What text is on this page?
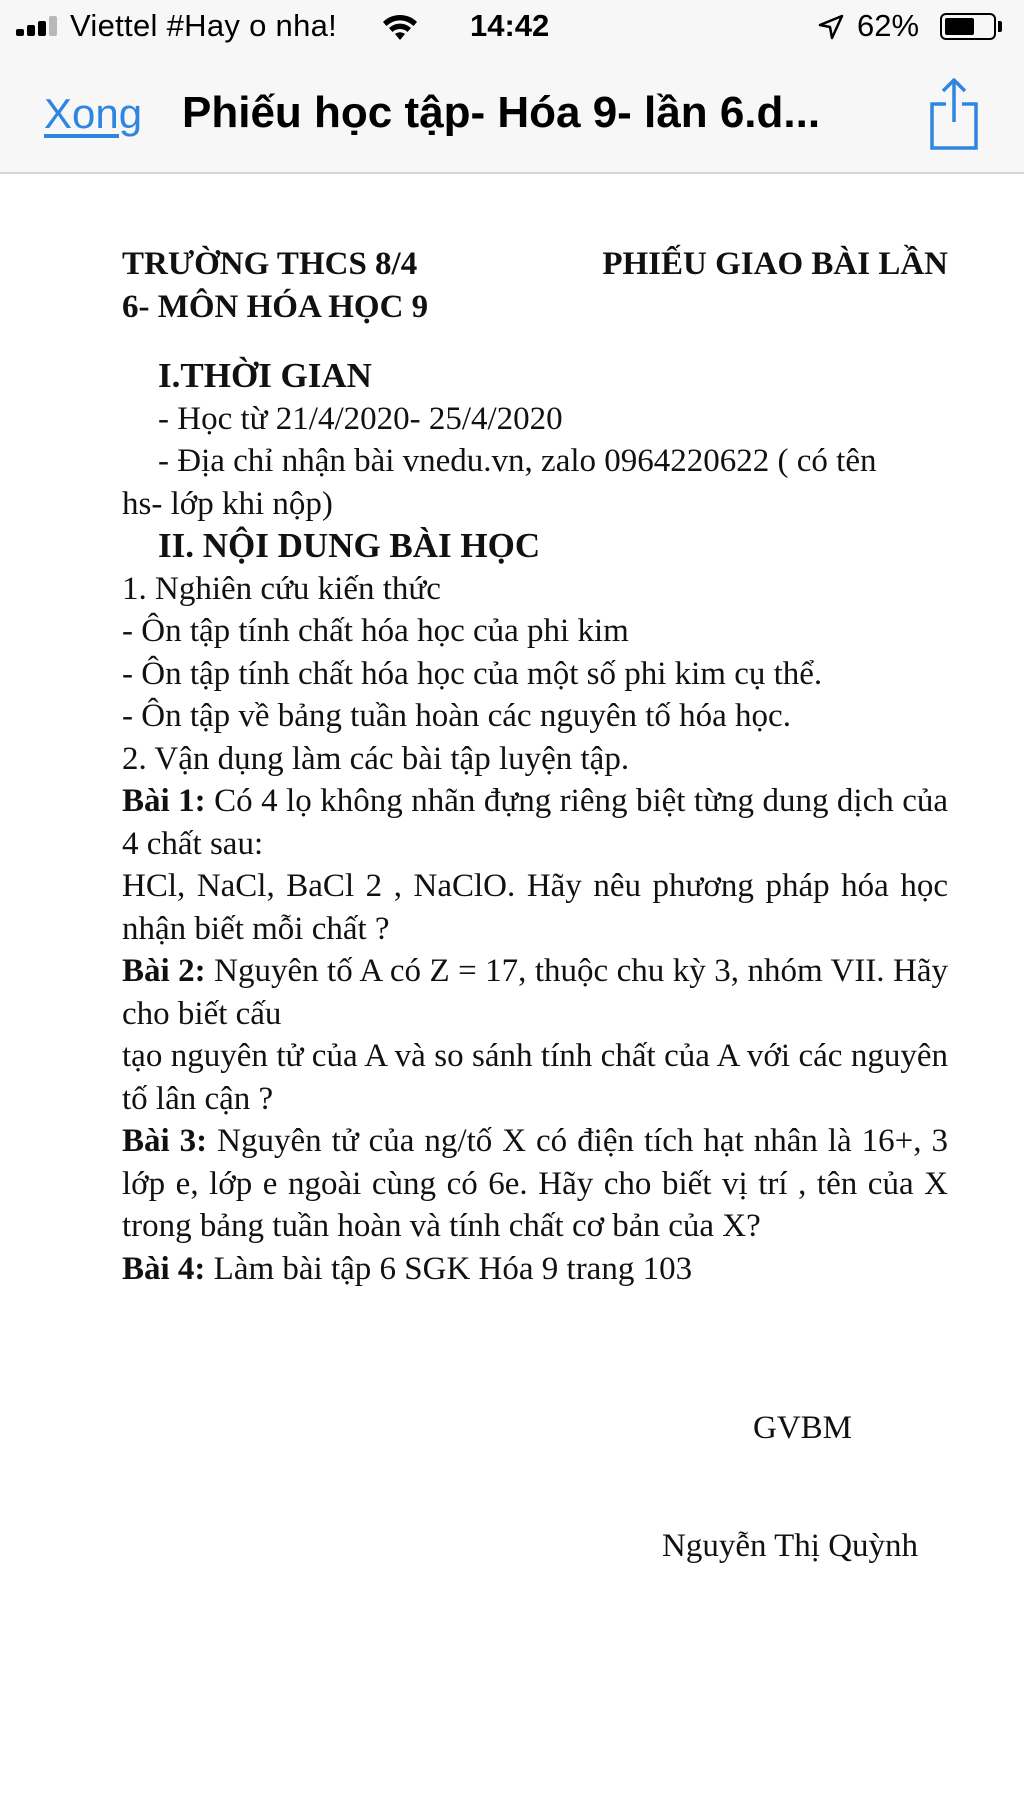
Viettel #Hay o nha!	14:42	62%
Xong Phiếu học tập- Hóa 9- lần 6.d...
TRƯỜNG THCS 8/4	PHIẾU GIAO BÀI LẦN

6- MÔN HÓA HỌC 9

I.THỜI GIAN

- Học từ 21/4/2020- 25/4/2020

- Địa chỉ nhận bài vnedu.vn, zalo 0964220622 ( có tên

hs- lớp khi nộp)

II. NỘI DUNG BÀI HỌC

1. Nghiên cứu kiến thức

- Ôn tập tính chất hóa học của phi kim

- Ôn tập tính chất hóa học của một số phi kim cụ thể.

- Ôn tập về bảng tuần hoàn các nguyên tố hóa học.

2. Vận dụng làm các bài tập luyện tập.

Bài 1: Có 4 lọ không nhãn đựng riêng biệt từng dung dịch của 4 chất sau:

HCl, NaCl, BaCl 2 , NaClO. Hãy nêu phương pháp hóa học nhận biết mỗi chất ?

Bài 2: Nguyên tố A có Z = 17, thuộc chu kỳ 3, nhóm VII. Hãy cho biết cấu

tạo nguyên tử của A và so sánh tính chất của A với các nguyên tố lân cận ?

Bài 3: Nguyên tử của ng/tố X có điện tích hạt nhân là 16+, 3 lớp e, lớp e ngoài cùng có 6e. Hãy cho biết vị trí , tên của X trong bảng tuần hoàn và tính chất cơ bản của X?

Bài 4: Làm bài tập 6 SGK Hóa 9 trang 103

GVBM
Nguyễn Thị Quỳnh
